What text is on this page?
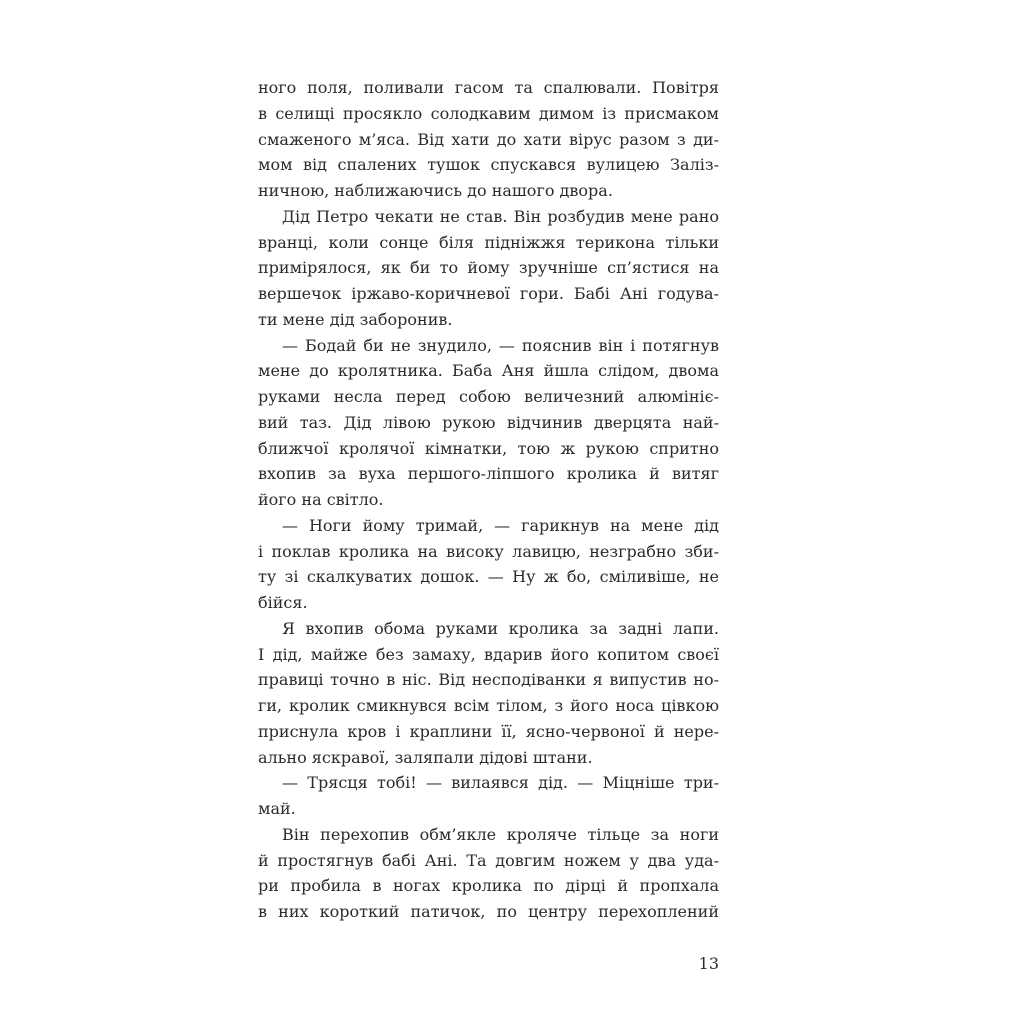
ного поля, поливали гасом та спалювали. Повітря
в селищі просякло солодкавим димом із присмаком
смаженого м’яса. Від хати до хати вірус разом з ди-
мом від спалених тушок спускався вулицею Заліз-
ничною, наближаючись до нашого двора.
Дід Петро чекати не став. Він розбудив мене рано
вранці, коли сонце біля підніжжя терикона тільки
примірялося, як би то йому зручніше сп’ястися на
вершечок іржаво-коричневої гори. Бабі Ані годува-
ти мене дід заборонив.
— Бодай би не знудило, — пояснив він і потягнув
мене до кролятника. Баба Аня йшла слідом, двома
руками несла перед собою величезний алюмініє-
вий таз. Дід лівою рукою відчинив дверцята най-
ближчої кролячої кімнатки, тою ж рукою спритно
вхопив за вуха першого-ліпшого кролика й витяг
його на світло.
— Ноги йому тримай, — гарикнув на мене дід
і поклав кролика на високу лавицю, незграбно зби-
ту зі скалкуватих дошок. — Ну ж бо, сміливіше, не
бійся.
Я вхопив обома руками кролика за задні лапи.
І дід, майже без замаху, вдарив його копитом своєї
правиці точно в ніс. Від несподіванки я випустив но-
ги, кролик смикнувся всім тілом, з його носа цівкою
приснула кров і краплини її, ясно-червоної й нере-
ально яскравої, заляпали дідові штани.
— Трясця тобі! — вилаявся дід. — Міцніше три-
май.
Він перехопив обм’якле кроляче тільце за ноги
й простягнув бабі Ані. Та довгим ножем у два уда-
ри пробила в ногах кролика по дірці й пропхала
в них короткий патичок, по центру перехоплений
13
